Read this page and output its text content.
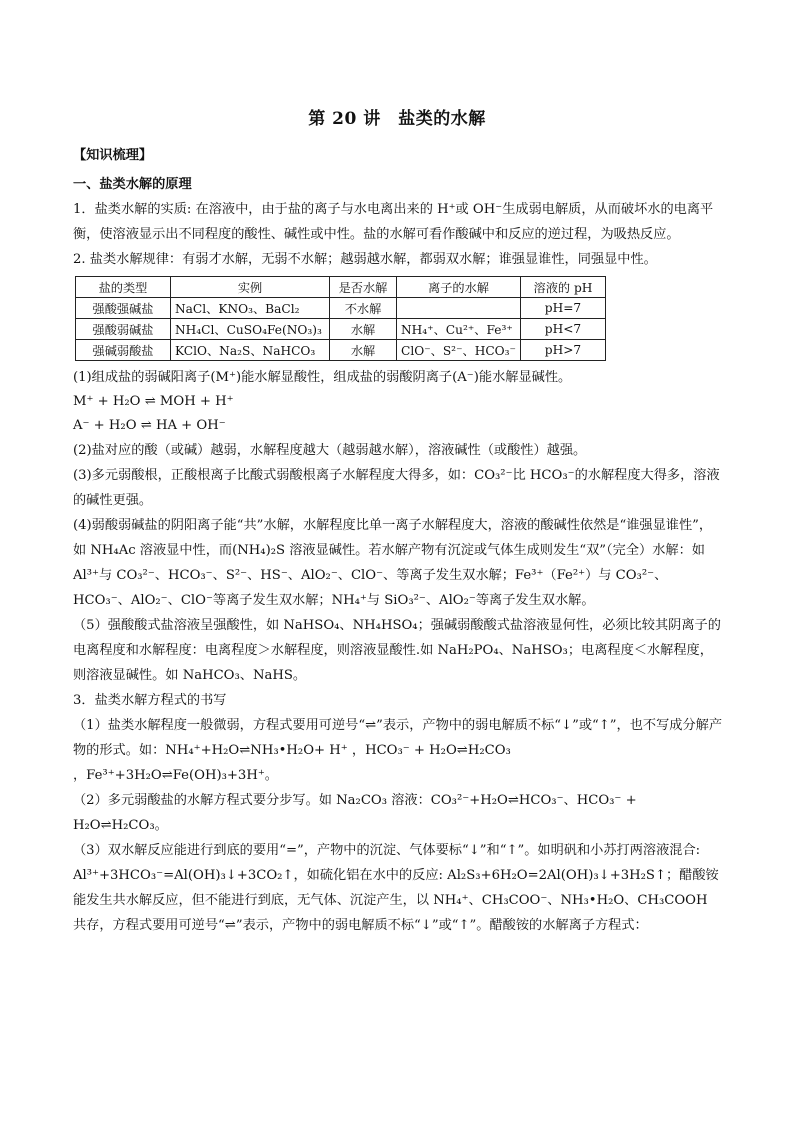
第 20 讲　盐类的水解

【知识梳理】

一、盐类水解的原理

1．盐类水解的实质: 在溶液中，由于盐的离子与水电离出来的 H⁺或 OH⁻生成弱电解质，从而破坏水的电离平衡，使溶液显示出不同程度的酸性、碱性或中性。盐的水解可看作酸碱中和反应的逆过程，为吸热反应。

2. 盐类水解规律：有弱才水解，无弱不水解；越弱越水解，都弱双水解；谁强显谁性，同强显中性。

盐的类型	实例	是否水解	离子的水解	溶液的 pH
强酸强碱盐	NaCl、KNO₃、BaCl₂	不水解		pH=7
强酸弱碱盐	NH₄Cl、CuSO₄Fe(NO₃)₃	水解	NH₄⁺、Cu²⁺、Fe³⁺	pH<7
强碱弱酸盐	KClO、Na₂S、NaHCO₃	水解	ClO⁻、S²⁻、HCO₃⁻	pH>7

(1)组成盐的弱碱阳离子(M⁺)能水解显酸性，组成盐的弱酸阴离子(A⁻)能水解显碱性。

M⁺ + H₂O ⇌ MOH + H⁺

A⁻ + H₂O ⇌ HA + OH⁻

(2)盐对应的酸（或碱）越弱，水解程度越大（越弱越水解），溶液碱性（或酸性）越强。

(3)多元弱酸根，正酸根离子比酸式弱酸根离子水解程度大得多，如：CO₃²⁻比 HCO₃⁻的水解程度大得多，溶液的碱性更强。

(4)弱酸弱碱盐的阴阳离子能“共”水解，水解程度比单一离子水解程度大，溶液的酸碱性依然是“谁强显谁性”，如 NH₄Ac 溶液显中性，而(NH₄)₂S 溶液显碱性。若水解产物有沉淀或气体生成则发生“双”（完全）水解：如 Al³⁺与 CO₃²⁻、HCO₃⁻、S²⁻、HS⁻、AlO₂⁻、ClO⁻、等离子发生双水解；Fe³⁺（Fe²⁺）与 CO₃²⁻、HCO₃⁻、AlO₂⁻、ClO⁻等离子发生双水解；NH₄⁺与 SiO₃²⁻、AlO₂⁻等离子发生双水解。

（5）强酸酸式盐溶液呈强酸性，如 NaHSO₄、NH₄HSO₄；强碱弱酸酸式盐溶液显何性，必须比较其阴离子的电离程度和水解程度：电离程度＞水解程度，则溶液显酸性.如 NaH₂PO₄、NaHSO₃；电离程度＜水解程度，则溶液显碱性。如 NaHCO₃、NaHS。

3．盐类水解方程式的书写

（1）盐类水解程度一般微弱，方程式要用可逆号“⇌”表示，产物中的弱电解质不标“↓”或“↑”，也不写成分解产物的形式。如：NH₄⁺+H₂O⇌NH₃•H₂O+ H⁺ ，HCO₃⁻ + H₂O⇌H₂CO₃

，Fe³⁺+3H₂O⇌Fe(OH)₃+3H⁺。

（2）多元弱酸盐的水解方程式要分步写。如 Na₂CO₃ 溶液：CO₃²⁻+H₂O⇌HCO₃⁻、HCO₃⁻ + H₂O⇌H₂CO₃。

（3）双水解反应能进行到底的要用“=”，产物中的沉淀、气体要标“↓”和“↑”。如明矾和小苏打两溶液混合: Al³⁺+3HCO₃⁻=Al(OH)₃↓+3CO₂↑，如硫化铝在水中的反应: Al₂S₃+6H₂O=2Al(OH)₃↓+3H₂S↑；醋酸铵能发生共水解反应，但不能进行到底，无气体、沉淀产生，以 NH₄⁺、CH₃COO⁻、NH₃•H₂O、CH₃COOH 共存，方程式要用可逆号“⇌”表示，产物中的弱电解质不标“↓”或“↑”。醋酸铵的水解离子方程式：
